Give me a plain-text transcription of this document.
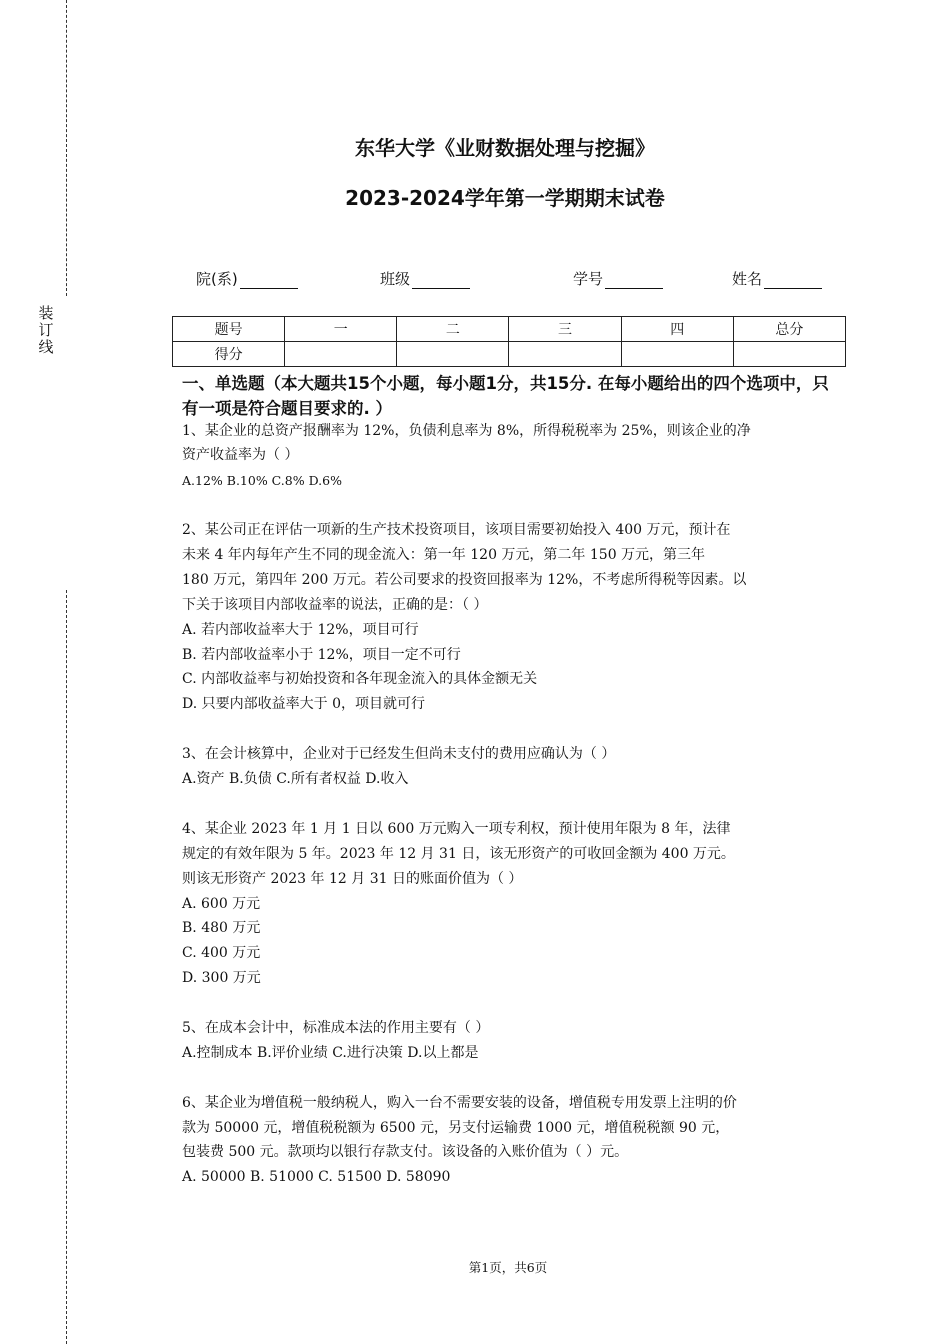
装
订
线
东华大学《业财数据处理与挖掘》
2023-2024学年第一学期期末试卷
院(系)	班级	学号	姓名
题号	一	二	三	四	总分
得分					
一、单选题（本大题共15个小题，每小题1分，共15分. 在每小题给出的四个选项中，只有一项是符合题目要求的. ）
1、某企业的总资产报酬率为 12%，负债利息率为 8%，所得税税率为 25%，则该企业的净
资产收益率为（ ）
A.12% B.10% C.8% D.6%
2、某公司正在评估一项新的生产技术投资项目，该项目需要初始投入 400 万元，预计在
未来 4 年内每年产生不同的现金流入：第一年 120 万元，第二年 150 万元，第三年
180 万元，第四年 200 万元。若公司要求的投资回报率为 12%，不考虑所得税等因素。以
下关于该项目内部收益率的说法，正确的是：（ ）
A. 若内部收益率大于 12%，项目可行
B. 若内部收益率小于 12%，项目一定不可行
C. 内部收益率与初始投资和各年现金流入的具体金额无关
D. 只要内部收益率大于 0，项目就可行
3、在会计核算中，企业对于已经发生但尚未支付的费用应确认为（ ）
A.资产 B.负债 C.所有者权益 D.收入
4、某企业 2023 年 1 月 1 日以 600 万元购入一项专利权，预计使用年限为 8 年，法律
规定的有效年限为 5 年。2023 年 12 月 31 日，该无形资产的可收回金额为 400 万元。
则该无形资产 2023 年 12 月 31 日的账面价值为（ ）
A. 600 万元
B. 480 万元
C. 400 万元
D. 300 万元
5、在成本会计中，标准成本法的作用主要有（ ）
A.控制成本 B.评价业绩 C.进行决策 D.以上都是
6、某企业为增值税一般纳税人，购入一台不需要安装的设备，增值税专用发票上注明的价
款为 50000 元，增值税税额为 6500 元，另支付运输费 1000 元，增值税税额 90 元，
包装费 500 元。款项均以银行存款支付。该设备的入账价值为（ ）元。
A. 50000 B. 51000 C. 51500 D. 58090
第1页，共6页
